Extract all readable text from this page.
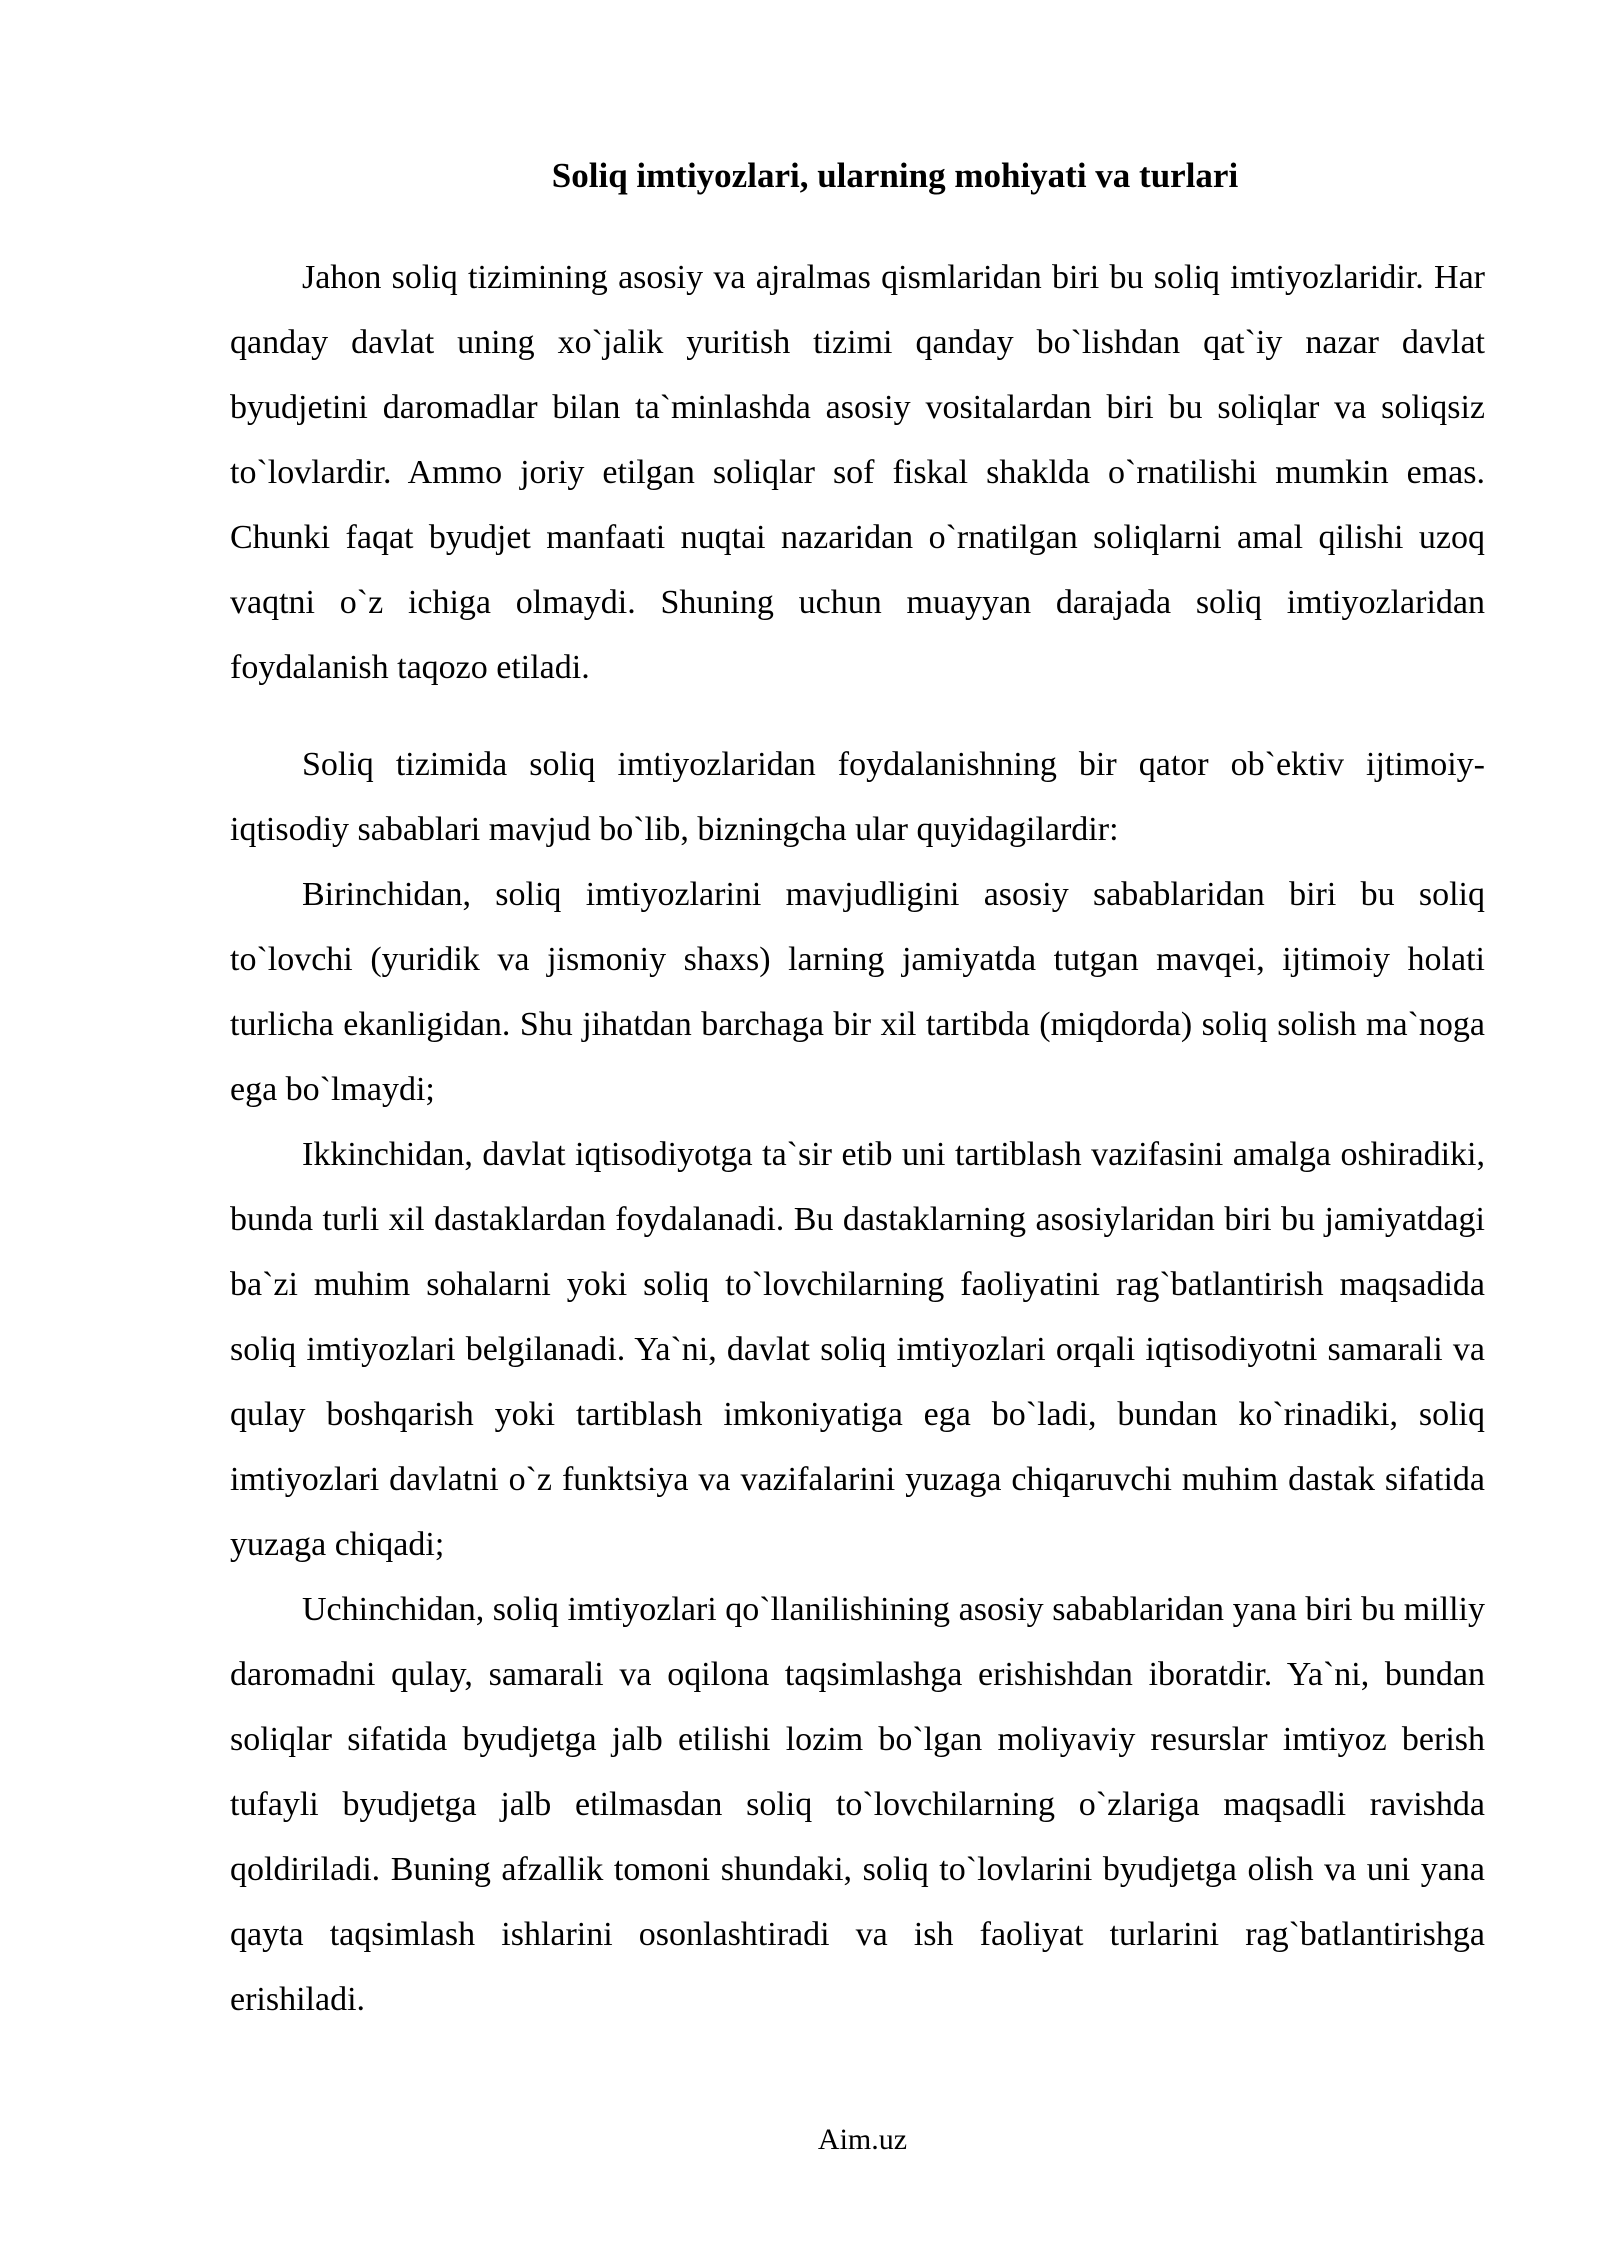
Soliq imtiyozlari, ularning mohiyati va turlari

Jahon soliq tizimining asosiy va ajralmas qismlaridan biri bu soliq imtiyozlaridir. Har qanday davlat uning xo`jalik yuritish tizimi qanday bo`lishdan qat`iy nazar davlat byudjetini daromadlar bilan ta`minlashda asosiy vositalardan biri bu soliqlar va soliqsiz to`lovlardir. Ammo joriy etilgan soliqlar sof fiskal shaklda o`rnatilishi mumkin emas. Chunki faqat byudjet manfaati nuqtai nazaridan o`rnatilgan soliqlarni amal qilishi uzoq vaqtni o`z ichiga olmaydi. Shuning uchun muayyan darajada soliq imtiyozlaridan foydalanish taqozo etiladi.

Soliq tizimida soliq imtiyozlaridan foydalanishning bir qator ob`ektiv ijtimoiy-iqtisodiy sabablari mavjud bo`lib, bizningcha ular quyidagilardir:

Birinchidan, soliq imtiyozlarini mavjudligini asosiy sabablaridan biri bu soliq to`lovchi (yuridik va jismoniy shaxs) larning jamiyatda tutgan mavqei, ijtimoiy holati turlicha ekanligidan. Shu jihatdan barchaga bir xil tartibda (miqdorda) soliq solish ma`noga ega bo`lmaydi;

Ikkinchidan, davlat iqtisodiyotga ta`sir etib uni tartiblash vazifasini amalga oshiradiki, bunda turli xil dastaklardan foydalanadi. Bu dastaklarning asosiylaridan biri bu jamiyatdagi ba`zi muhim sohalarni yoki soliq to`lovchilarning faoliyatini rag`batlantirish maqsadida soliq imtiyozlari belgilanadi. Ya`ni, davlat soliq imtiyozlari orqali iqtisodiyotni samarali va qulay boshqarish yoki tartiblash imkoniyatiga ega bo`ladi, bundan ko`rinadiki, soliq imtiyozlari davlatni o`z funktsiya va vazifalarini yuzaga chiqaruvchi muhim dastak sifatida yuzaga chiqadi;

Uchinchidan, soliq imtiyozlari qo`llanilishining asosiy sabablaridan yana biri bu milliy daromadni qulay, samarali va oqilona taqsimlashga erishishdan iboratdir. Ya`ni, bundan soliqlar sifatida byudjetga jalb etilishi lozim bo`lgan moliyaviy resurslar imtiyoz berish tufayli byudjetga jalb etilmasdan soliq to`lovchilarning o`zlariga maqsadli ravishda qoldiriladi. Buning afzallik tomoni shundaki, soliq to`lovlarini byudjetga olish va uni yana qayta taqsimlash ishlarini osonlashtiradi va ish faoliyat turlarini rag`batlantirishga erishiladi.

Aim.uz
